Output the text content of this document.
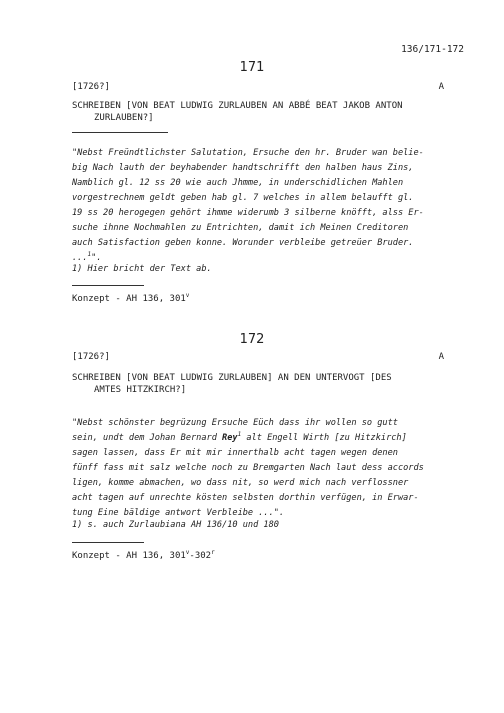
136/171-172
171
[1726?]	A
SCHREIBEN [VON BEAT LUDWIG ZURLAUBEN AN ABBÉ BEAT JAKOB ANTON
ZURLAUBEN?]
"Nebst Freündtlichster Salutation, Ersuche den hr. Bruder wan belie-
big Nach lauth der beyhabender handtschrifft den halben haus Zins,
Namblich gl. 12 ss 20 wie auch Jhmme, in underschidlichen Mahlen
vorgestrechnem geldt geben hab gl. 7 welches in allem belaufft gl.
19 ss 20 herogegen gehört ihmme widerumb 3 silberne knöfft, alss Er-
suche ihnne Nochmahlen zu Entrichten, damit ich Meinen Creditoren
auch Satisfaction geben konne. Worunder verbleibe getreüer Bruder.
...$^1$".
1) Hier bricht der Text ab.
Konzept - AH 136, 301$^v$
172
[1726?]	A
SCHREIBEN [VON BEAT LUDWIG ZURLAUBEN] AN DEN UNTERVOGT [DES
AMTES HITZKIRCH?]
"Nebst schönster begrüzung Ersuche Eüch dass ihr wollen so gutt
sein, undt dem Johan Bernard Rey$^1$ alt Engell Wirth [zu Hitzkirch]
sagen lassen, dass Er mit mir innerthalb acht tagen wegen denen
fünff fass mit salz welche noch zu Bremgarten Nach laut dess accords
ligen, komme abmachen, wo dass nit, so werd mich nach verflossner
acht tagen auf unrechte kösten selbsten dorthin verfügen, in Erwar-
tung Eine bäldige antwort Verbleibe ...".
1) s. auch Zurlaubiana AH 136/10 und 180
Konzept - AH 136, 301$^v$-302$^r$
